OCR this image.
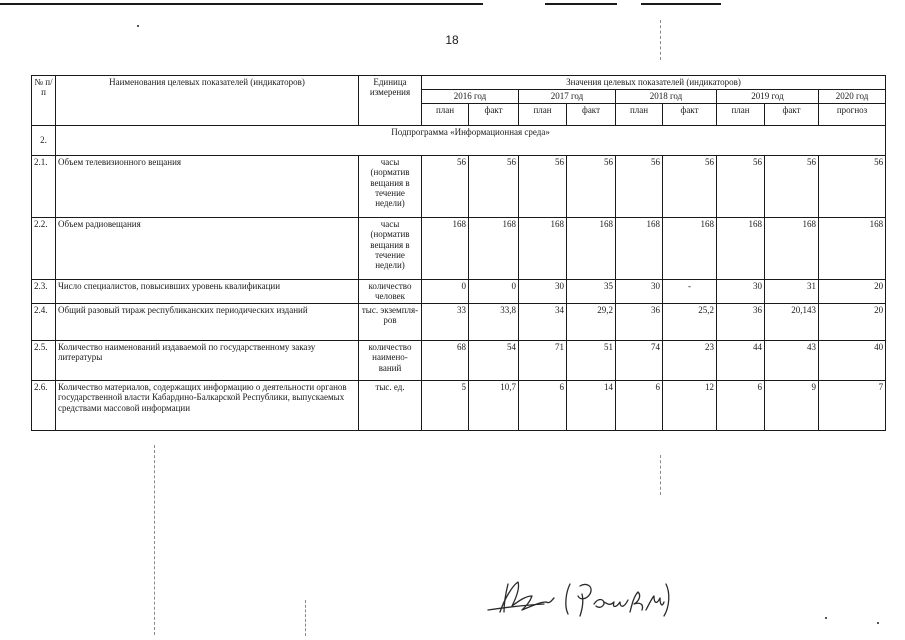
18
№ п/п	Наименования целевых показателей (индикаторов)	Единица измерения	Значения целевых показателей (индикаторов)								
			2016 год		2017 год		2018 год		2019 год		2020 год
			план	факт	план	факт	план	факт	план	факт	прогноз
2.	Подпрограмма «Информационная среда»										
2.1.	Объем телевизионного вещания	часы (норматив вещания в течение недели)	56	56	56	56	56	56	56	56	56
2.2.	Объем радиовещания	часы (норматив вещания в течение недели)	168	168	168	168	168	168	168	168	168
2.3.	Число специалистов, повысивших уровень квалификации	количество человек	0	0	30	35	30	-	30	31	20
2.4.	Общий разовый тираж республиканских периодических изданий	тыс. экземпля-ров	33	33,8	34	29,2	36	25,2	36	20,143	20
2.5.	Количество наименований издаваемой по государственному заказу литературы	количество наимено-ваний	68	54	71	51	74	23	44	43	40
2.6.	Количество материалов, содержащих информацию о деятельности органов государственной власти Кабардино-Балкарской Республики, выпускаемых средствами массовой информации	тыс. ед.	5	10,7	6	14	6	12	6	9	7
